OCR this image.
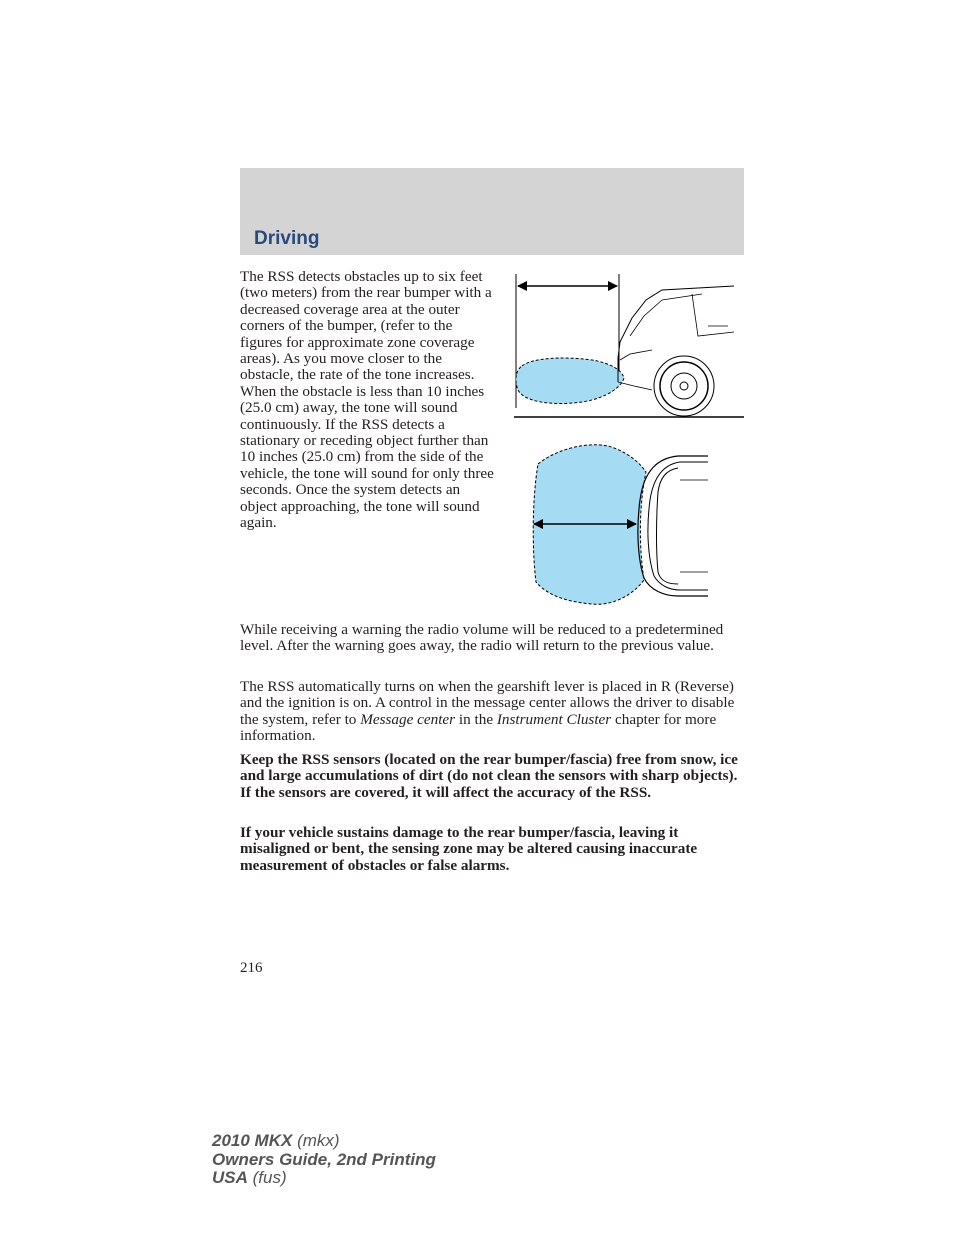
Driving
The RSS detects obstacles up to six feet (two meters) from the rear bumper with a decreased coverage area at the outer corners of the bumper, (refer to the figures for approximate zone coverage areas). As you move closer to the obstacle, the rate of the tone increases. When the obstacle is less than 10 inches (25.0 cm) away, the tone will sound continuously. If the RSS detects a stationary or receding object further than 10 inches (25.0 cm) from the side of the vehicle, the tone will sound for only three seconds. Once the system detects an object approaching, the tone will sound again.

While receiving a warning the radio volume will be reduced to a predetermined level. After the warning goes away, the radio will return to the previous value.

The RSS automatically turns on when the gearshift lever is placed in R (Reverse) and the ignition is on. A control in the message center allows the driver to disable the system, refer to Message center in the Instrument Cluster chapter for more information.

Keep the RSS sensors (located on the rear bumper/fascia) free from snow, ice and large accumulations of dirt (do not clean the sensors with sharp objects). If the sensors are covered, it will affect the accuracy of the RSS.

If your vehicle sustains damage to the rear bumper/fascia, leaving it misaligned or bent, the sensing zone may be altered causing inaccurate measurement of obstacles or false alarms.

216
2010 MKX (mkx)
Owners Guide, 2nd Printing
USA (fus)
